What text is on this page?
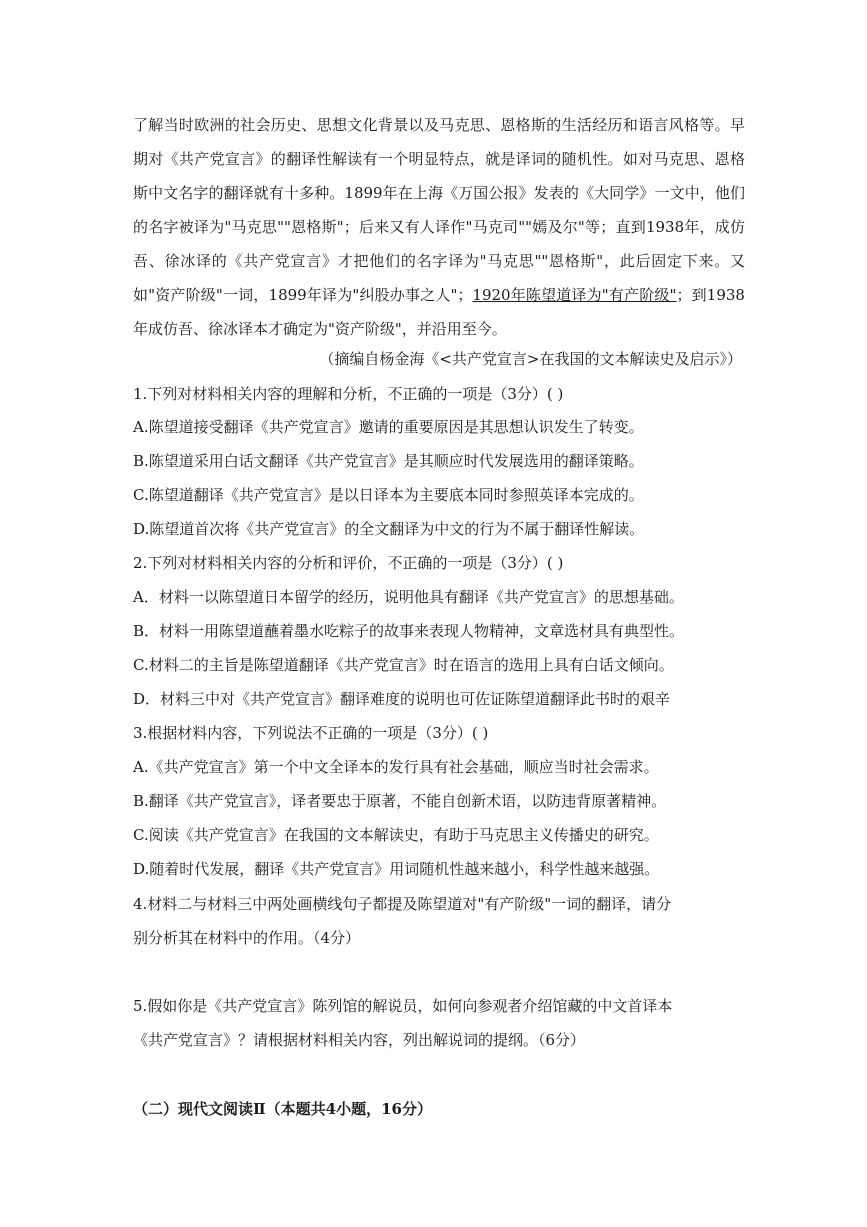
了解当时欧洲的社会历史、思想文化背景以及马克思、恩格斯的生活经历和语言风格等。早期对《共产党宣言》的翻译性解读有一个明显特点，就是译词的随机性。如对马克思、恩格斯中文名字的翻译就有十多种。1899年在上海《万国公报》发表的《大同学》一文中，他们的名字被译为"马克思""恩格斯"；后来又有人译作"马克司""嫣及尔"等；直到1938年，成仿吾、徐冰译的《共产党宣言》才把他们的名字译为"马克思""恩格斯"，此后固定下来。又如"资产阶级"一词，1899年译为"纠股办事之人"；1920年陈望道译为"有产阶级"；到1938年成仿吾、徐冰译本才确定为"资产阶级"，并沿用至今。
（摘编自杨金海《<共产党宣言>在我国的文本解读史及启示》）
1.下列对材料相关内容的理解和分析，不正确的一项是（3分）( )
A.陈望道接受翻译《共产党宣言》邀请的重要原因是其思想认识发生了转变。
B.陈望道采用白话文翻译《共产党宣言》是其顺应时代发展选用的翻译策略。
C.陈望道翻译《共产党宣言》是以日译本为主要底本同时参照英译本完成的。
D.陈望道首次将《共产党宣言》的全文翻译为中文的行为不属于翻译性解读。
2.下列对材料相关内容的分析和评价，不正确的一项是（3分）( )
A．材料一以陈望道日本留学的经历，说明他具有翻译《共产党宣言》的思想基础。
B．材料一用陈望道蘸着墨水吃粽子的故事来表现人物精神，文章选材具有典型性。
C.材料二的主旨是陈望道翻译《共产党宣言》时在语言的选用上具有白话文倾向。
D．材料三中对《共产党宣言》翻译难度的说明也可佐证陈望道翻译此书时的艰辛
3.根据材料内容，下列说法不正确的一项是（3分）( )
A.《共产党宣言》第一个中文全译本的发行具有社会基础，顺应当时社会需求。
B.翻译《共产党宣言》，译者要忠于原著，不能自创新术语，以防违背原著精神。
C.阅读《共产党宣言》在我国的文本解读史，有助于马克思主义传播史的研究。
D.随着时代发展，翻译《共产党宣言》用词随机性越来越小，科学性越来越强。
4.材料二与材料三中两处画横线句子都提及陈望道对"有产阶级"一词的翻译，请分
别分析其在材料中的作用。（4分）
5.假如你是《共产党宣言》陈列馆的解说员，如何向参观者介绍馆藏的中文首译本
《共产党宣言》？请根据材料相关内容，列出解说词的提纲。（6分）
（二）现代文阅读Ⅱ（本题共4小题，16分）
